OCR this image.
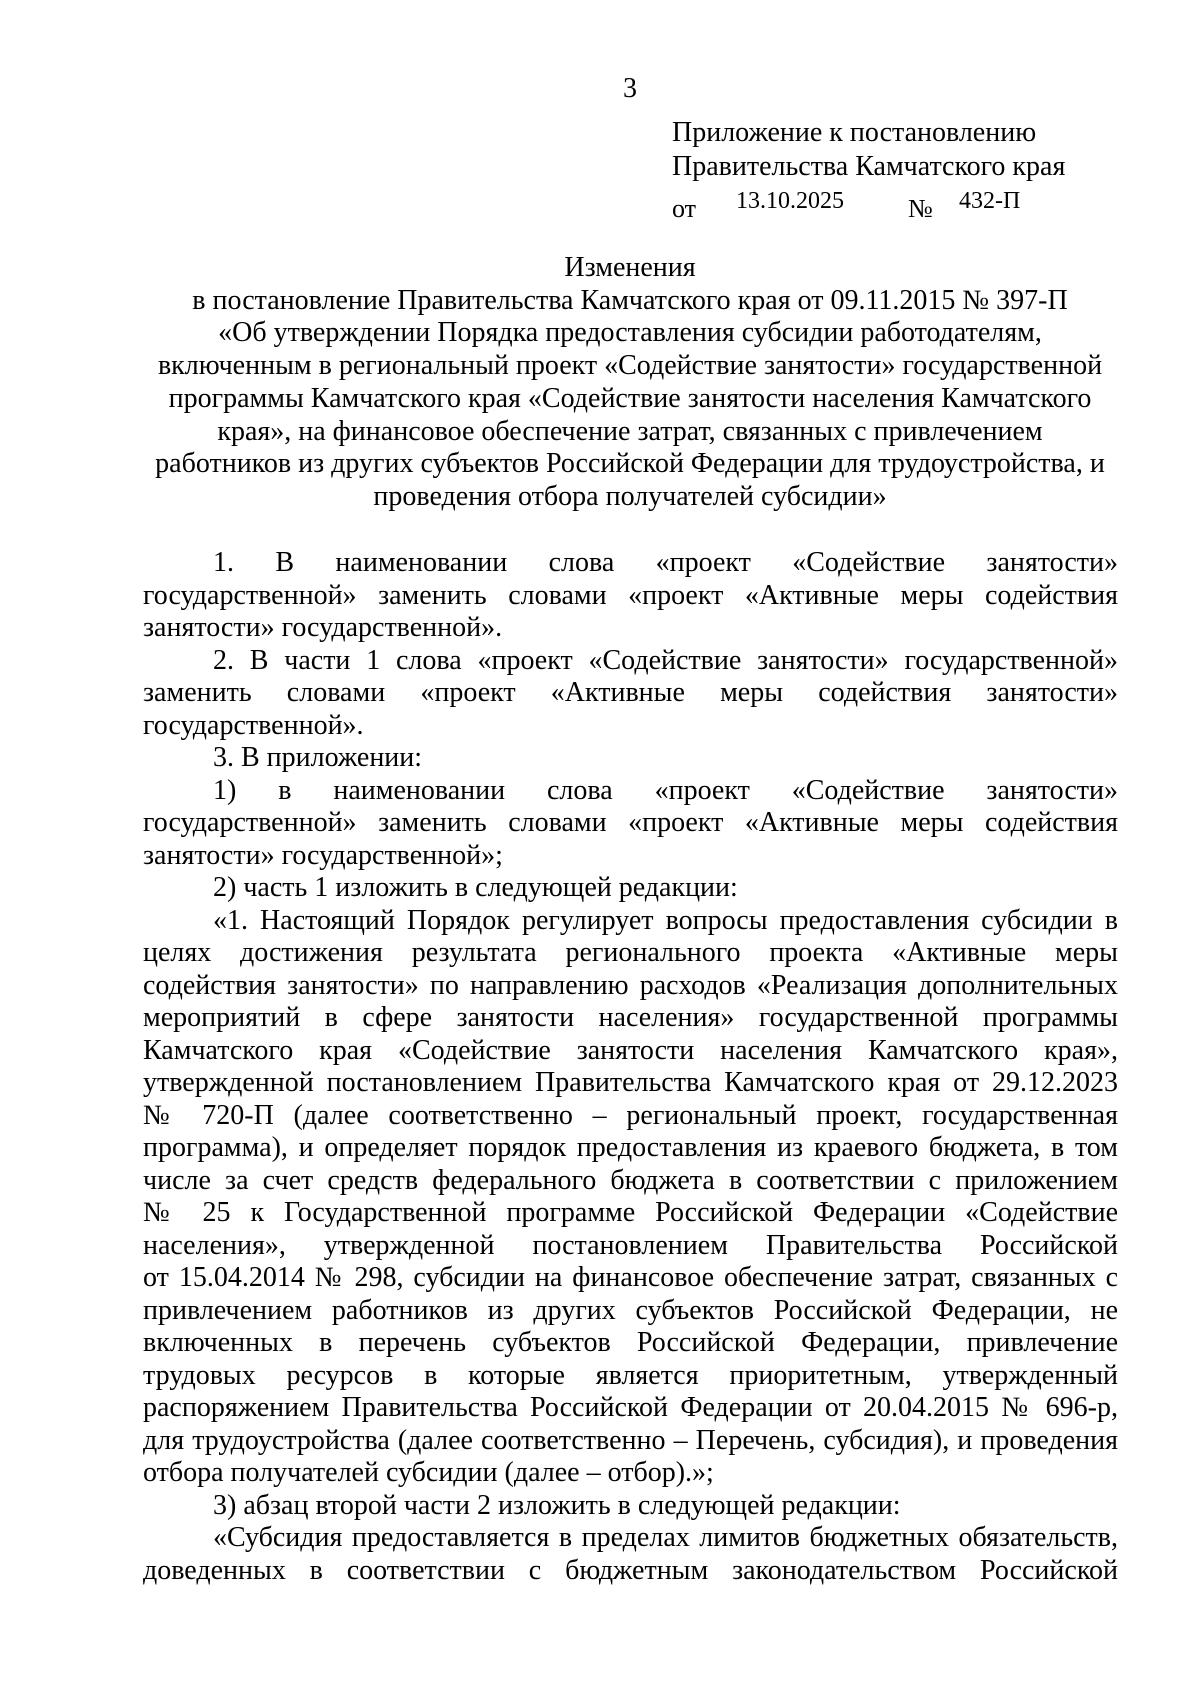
3
Приложение к постановлению
Правительства Камчатского края
от 13.10.2025 № 432-П
Изменения
в постановление Правительства Камчатского края от 09.11.2015 № 397-П
«Об утверждении Порядка предоставления субсидии работодателям,
включенным в региональный проект «Содействие занятости» государственной
программы Камчатского края «Содействие занятости населения Камчатского
края», на финансовое обеспечение затрат, связанных с привлечением
работников из других субъектов Российской Федерации для трудоустройства, и
проведения отбора получателей субсидии»
1. В наименовании слова «проект «Содействие занятости»
государственной» заменить словами «проект «Активные меры содействия
занятости» государственной».
2. В части 1 слова «проект «Содействие занятости» государственной»
заменить словами «проект «Активные меры содействия занятости»
государственной».
3. В приложении:
1) в наименовании слова «проект «Содействие занятости»
государственной» заменить словами «проект «Активные меры содействия
занятости» государственной»;
2) часть 1 изложить в следующей редакции:
«1. Настоящий Порядок регулирует вопросы предоставления субсидии в
целях достижения результата регионального проекта «Активные меры
содействия занятости» по направлению расходов «Реализация дополнительных
мероприятий в сфере занятости населения» государственной программы
Камчатского края «Содействие занятости населения Камчатского края»,
утвержденной постановлением Правительства Камчатского края от 29.12.2023
№ 720-П (далее соответственно – региональный проект, государственная
программа), и определяет порядок предоставления из краевого бюджета, в том
числе за счет средств федерального бюджета в соответствии с приложением
№ 25 к Государственной программе Российской Федерации «Содействие
населения», утвержденной постановлением Правительства Российской
от 15.04.2014 № 298, субсидии на финансовое обеспечение затрат, связанных с
привлечением работников из других субъектов Российской Федерации, не
включенных в перечень субъектов Российской Федерации, привлечение
трудовых ресурсов в которые является приоритетным, утвержденный
распоряжением Правительства Российской Федерации от 20.04.2015 № 696-р,
для трудоустройства (далее соответственно – Перечень, субсидия), и проведения
отбора получателей субсидии (далее – отбор).»;
3) абзац второй части 2 изложить в следующей редакции:
«Субсидия предоставляется в пределах лимитов бюджетных обязательств,
доведенных в соответствии с бюджетным законодательством Российской
